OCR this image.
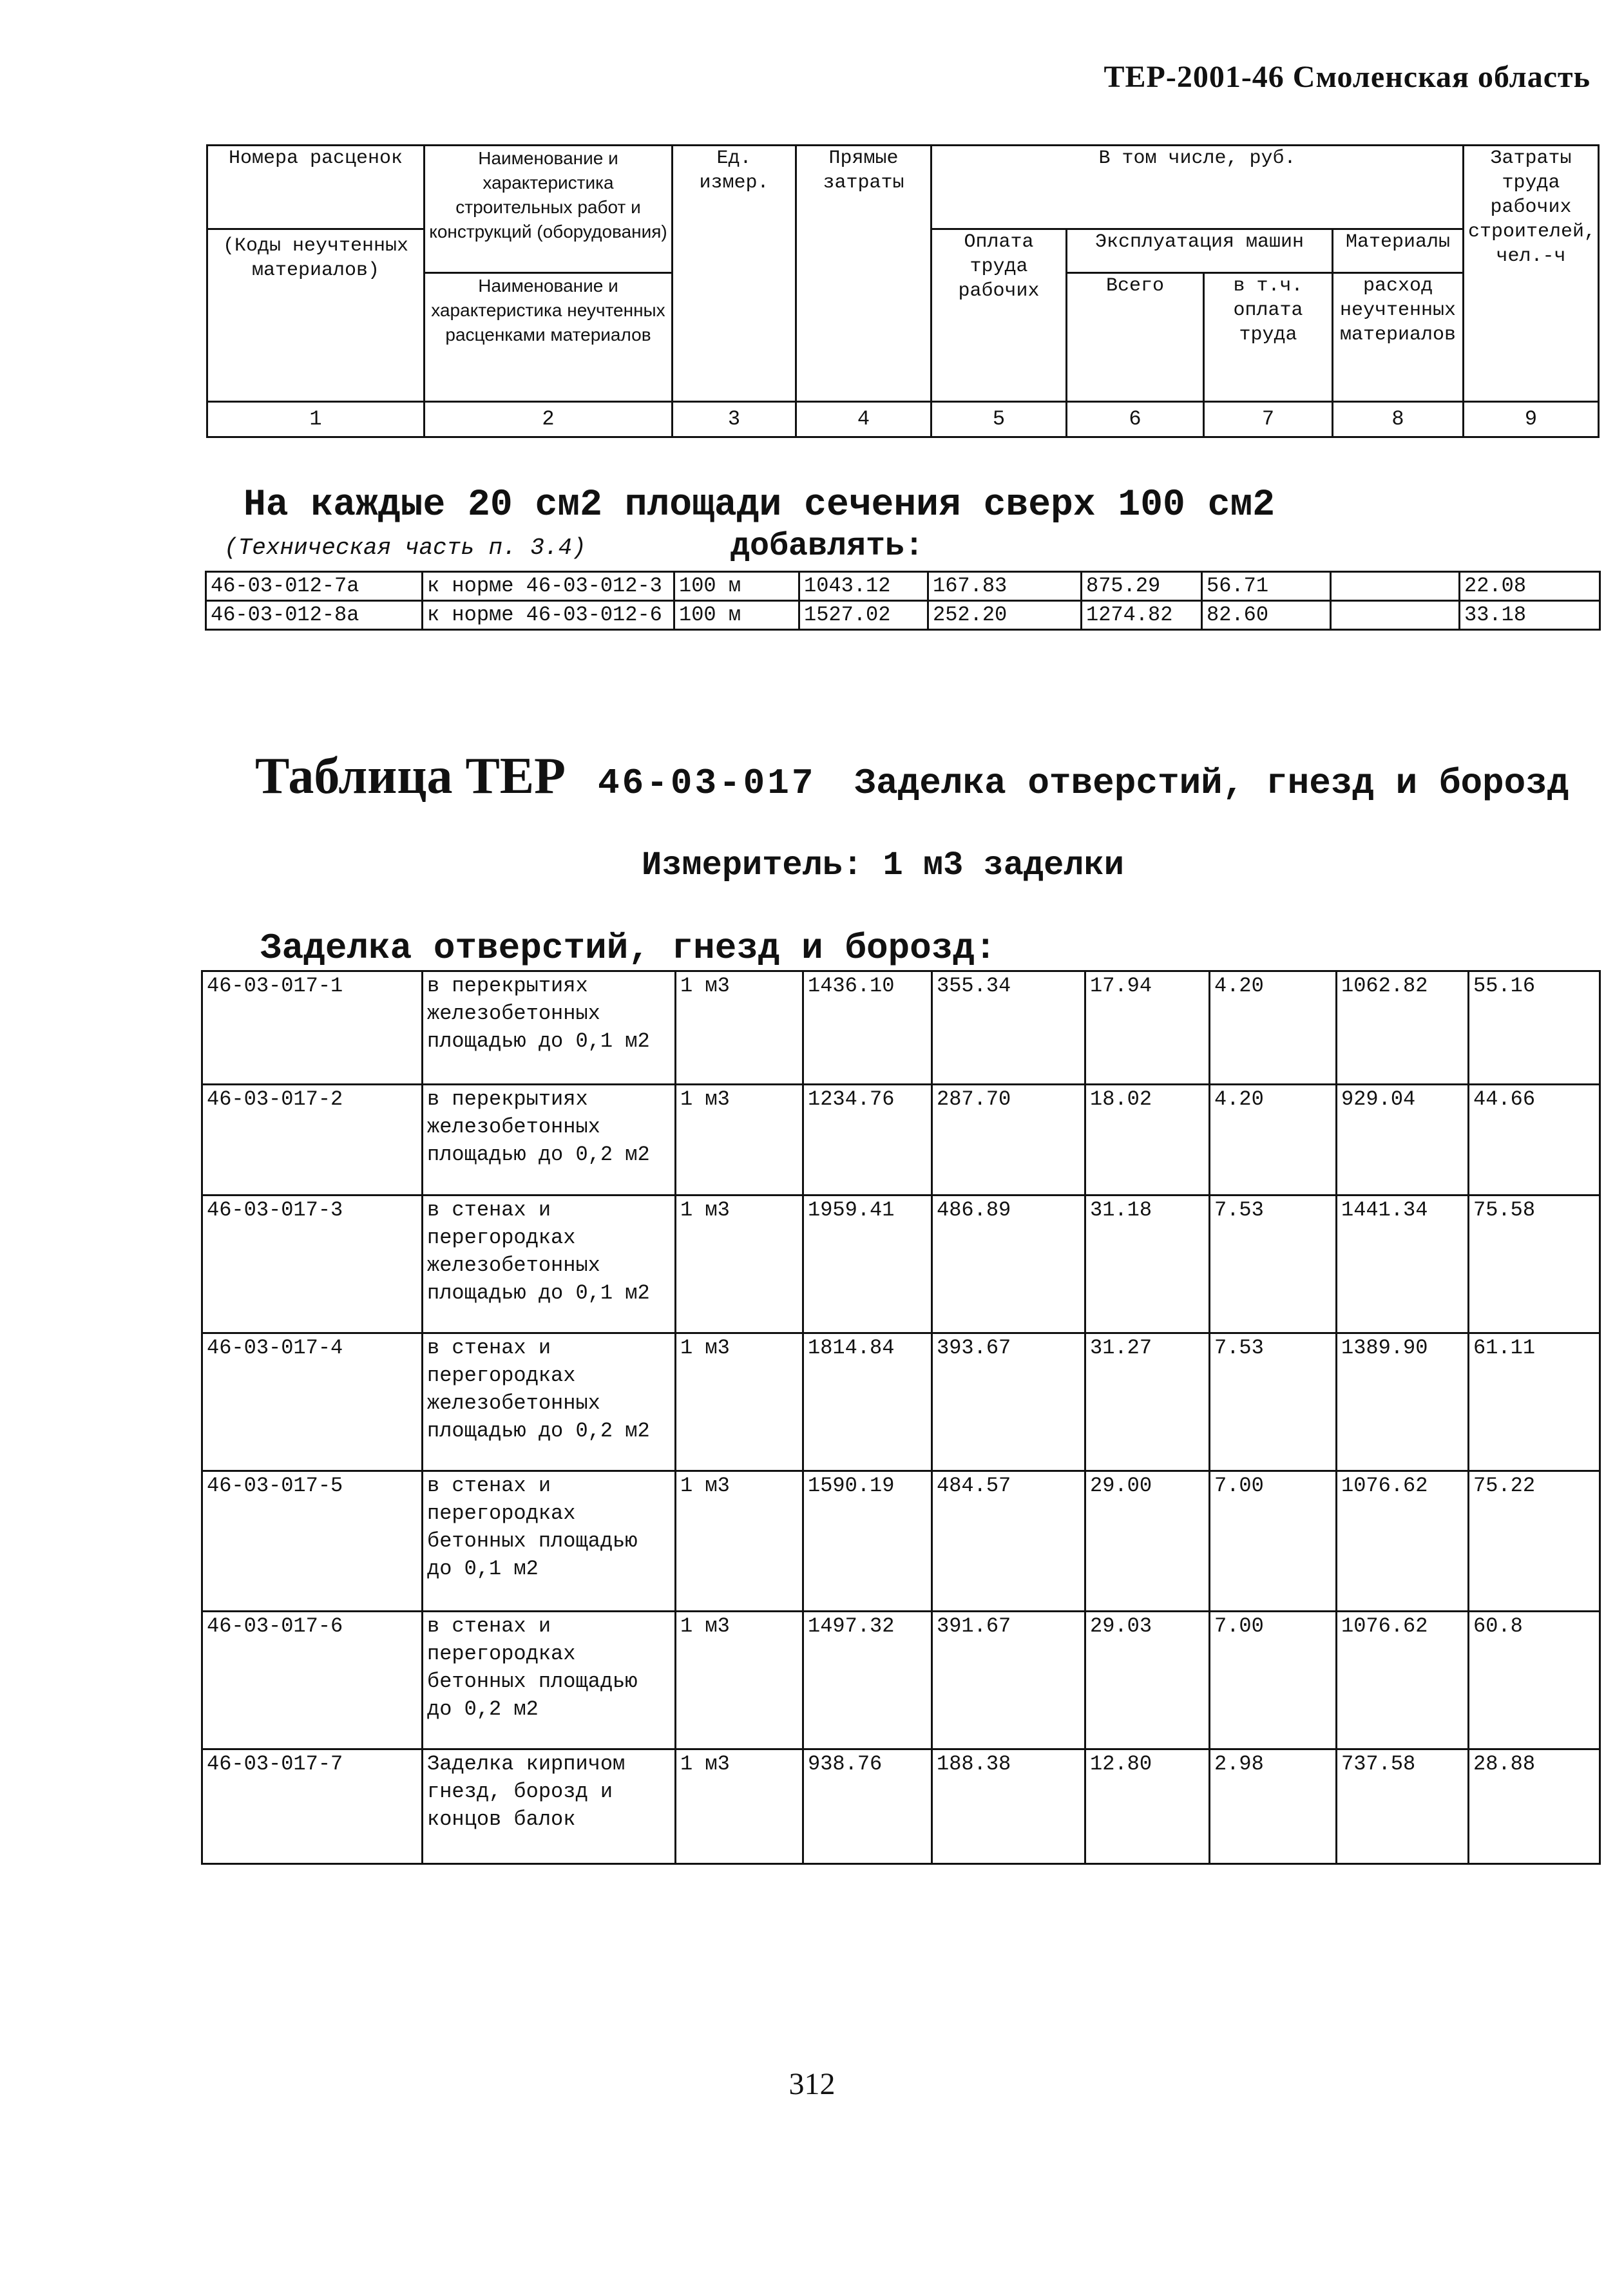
ТЕР-2001-46 Смоленская область
Номера расценок	Наименование и характеристика строительных работ и конструкций (оборудования)	Ед. измер.	Прямые затраты	В том числе, руб.				Затраты труда рабочих строителей, чел.-ч
(Коды неучтенных материалов)				Оплата труда рабочих	Эксплуатация машин		Материалы	
	Наименование и характеристика неучтенных расценками материалов				Всего	в т.ч. оплата труда	расход неучтенных материалов	

1	2	3	4	5	6	7	8	9
На каждые 20 см2 площади сечения сверх 100 см2
(Техническая часть п. 3.4)	добавлять:
46-03-012-7а	к норме 46-03-012-3	100 м	1043.12	167.83	875.29	56.71		22.08
46-03-012-8а	к норме 46-03-012-6	100 м	1527.02	252.20	1274.82	82.60		33.18
Таблица ТЕР 46-03-017 Заделка отверстий, гнезд и борозд
Измеритель: 1 м3 заделки
Заделка отверстий, гнезд и борозд:
46-03-017-1	в перекрытиях железобетонных площадью до 0,1 м2	1 м3	1436.10	355.34	17.94	4.20	1062.82	55.16
46-03-017-2	в перекрытиях железобетонных площадью до 0,2 м2	1 м3	1234.76	287.70	18.02	4.20	929.04	44.66
46-03-017-3	в стенах и перегородках железобетонных площадью до 0,1 м2	1 м3	1959.41	486.89	31.18	7.53	1441.34	75.58
46-03-017-4	в стенах и перегородках железобетонных площадью до 0,2 м2	1 м3	1814.84	393.67	31.27	7.53	1389.90	61.11
46-03-017-5	в стенах и перегородках бетонных площадью до 0,1 м2	1 м3	1590.19	484.57	29.00	7.00	1076.62	75.22
46-03-017-6	в стенах и перегородках бетонных площадью до 0,2 м2	1 м3	1497.32	391.67	29.03	7.00	1076.62	60.8
46-03-017-7	Заделка кирпичом гнезд, борозд и концов балок	1 м3	938.76	188.38	12.80	2.98	737.58	28.88
312
